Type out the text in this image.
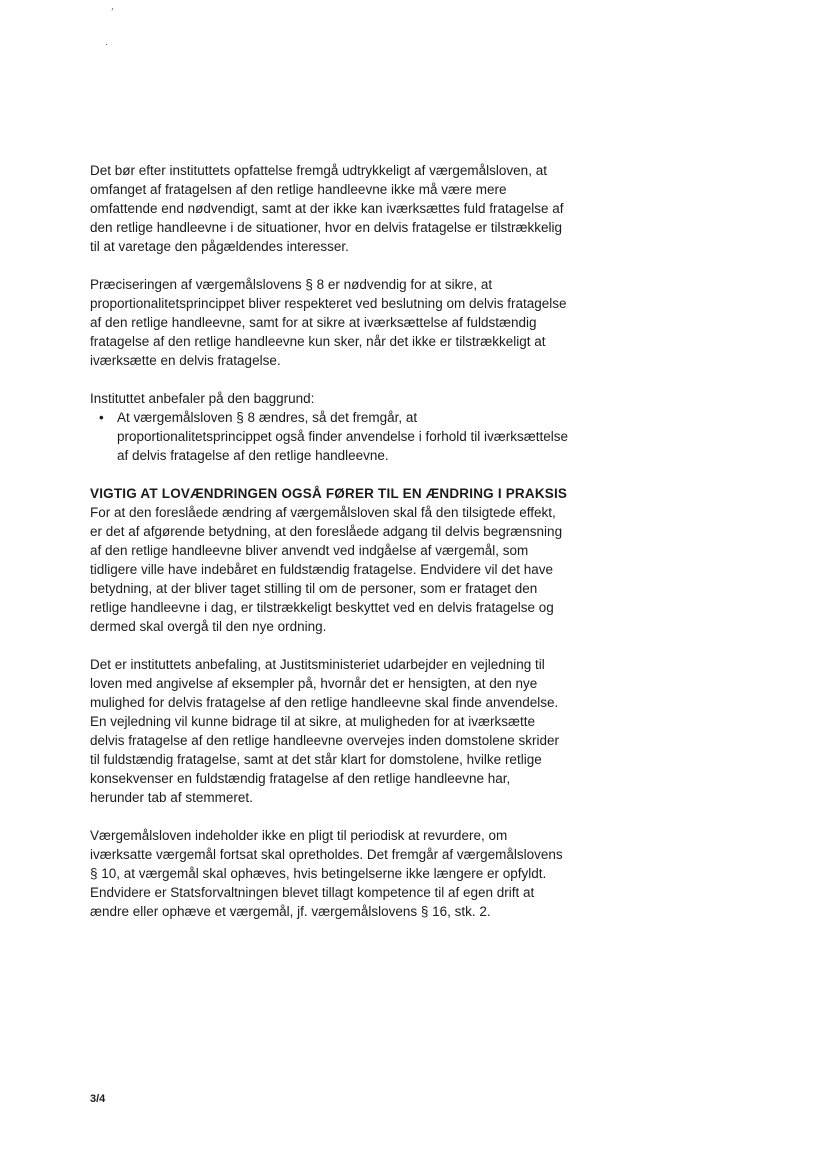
’
·

Det bør efter instituttets opfattelse fremgå udtrykkeligt af værgemålsloven, at omfanget af fratagelsen af den retlige handleevne ikke må være mere omfattende end nødvendigt, samt at der ikke kan iværksættes fuld fratagelse af den retlige handleevne i de situationer, hvor en delvis fratagelse er tilstrækkelig til at varetage den pågældendes interesser.

Præciseringen af værgemålslovens § 8 er nødvendig for at sikre, at proportionalitetsprincippet bliver respekteret ved beslutning om delvis fratagelse af den retlige handleevne, samt for at sikre at iværksættelse af fuldstændig fratagelse af den retlige handleevne kun sker, når det ikke er tilstrækkeligt at iværksætte en delvis fratagelse.

Instituttet anbefaler på den baggrund:

• At værgemålsloven § 8 ændres, så det fremgår, at proportionalitetsprincippet også finder anvendelse i forhold til iværksættelse af delvis fratagelse af den retlige handleevne.
VIGTIG AT LOVÆNDRINGEN OGSÅ FØRER TIL EN ÆNDRING I PRAKSIS

For at den foreslåede ændring af værgemålsloven skal få den tilsigtede effekt, er det af afgørende betydning, at den foreslåede adgang til delvis begrænsning af den retlige handleevne bliver anvendt ved indgåelse af værgemål, som tidligere ville have indebåret en fuldstændig fratagelse. Endvidere vil det have betydning, at der bliver taget stilling til om de personer, som er frataget den retlige handleevne i dag, er tilstrækkeligt beskyttet ved en delvis fratagelse og dermed skal overgå til den nye ordning.

Det er instituttets anbefaling, at Justitsministeriet udarbejder en vejledning til loven med angivelse af eksempler på, hvornår det er hensigten, at den nye mulighed for delvis fratagelse af den retlige handleevne skal finde anvendelse. En vejledning vil kunne bidrage til at sikre, at muligheden for at iværksætte delvis fratagelse af den retlige handleevne overvejes inden domstolene skrider til fuldstændig fratagelse, samt at det står klart for domstolene, hvilke retlige konsekvenser en fuldstændig fratagelse af den retlige handleevne har, herunder tab af stemmeret.

Værgemålsloven indeholder ikke en pligt til periodisk at revurdere, om iværksatte værgemål fortsat skal opretholdes. Det fremgår af værgemålslovens § 10, at værgemål skal ophæves, hvis betingelserne ikke længere er opfyldt. Endvidere er Statsforvaltningen blevet tillagt kompetence til af egen drift at ændre eller ophæve et værgemål, jf. værgemålslovens § 16, stk. 2.

3/4
